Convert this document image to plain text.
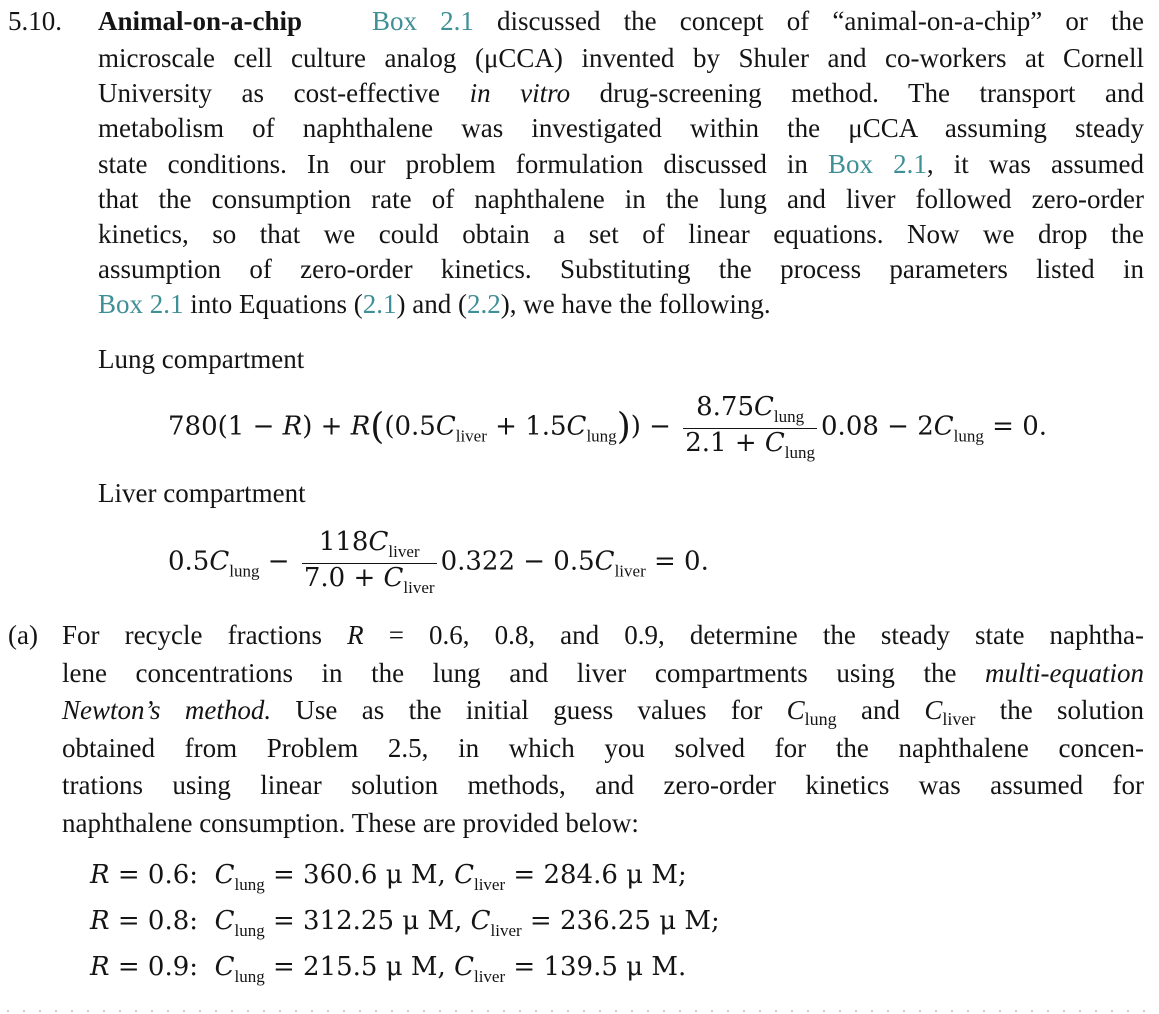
5.10. Animal-on-a-chip	Box 2.1 discussed the concept of “animal-on-a-chip” or the
microscale cell culture analog (μCCA) invented by Shuler and co-workers at Cornell
University as cost-effective in vitro drug-screening method. The transport and
metabolism of naphthalene was investigated within the μCCA assuming steady
state conditions. In our problem formulation discussed in Box 2.1, it was assumed
that the consumption rate of naphthalene in the lung and liver followed zero-order
kinetics, so that we could obtain a set of linear equations. Now we drop the
assumption of zero-order kinetics. Substituting the process parameters listed in
Box 2.1 into Equations (2.1) and (2.2), we have the following.
Lung compartment
$780(1 - R) + R((0.5C_{liver} + 1.5C_{lung})) - \frac{8.75C_{lung}}{2.1 + C_{lung}} 0.08 - 2C_{lung} = 0$.
Liver compartment
$0.5C_{lung} - \frac{118C_{liver}}{7.0 + C_{liver}} 0.322 - 0.5C_{liver} = 0$.
(a) For recycle fractions R = 0.6, 0.8, and 0.9, determine the steady state naphtha-
lene concentrations in the lung and liver compartments using the multi-equation
Newton’s method. Use as the initial guess values for $C_{lung}$ and $C_{liver}$ the solution
obtained from Problem 2.5, in which you solved for the naphthalene concen-
trations using linear solution methods, and zero-order kinetics was assumed for
naphthalene consumption. These are provided below:
R = 0.6:  $C_{lung} = 360.6$ μ M, $C_{liver} = 284.6$ μ M;
R = 0.8:  $C_{lung} = 312.25$ μ M, $C_{liver} = 236.25$ μ M;
R = 0.9:  $C_{lung} = 215.5$ μ M, $C_{liver} = 139.5$ μ M.
